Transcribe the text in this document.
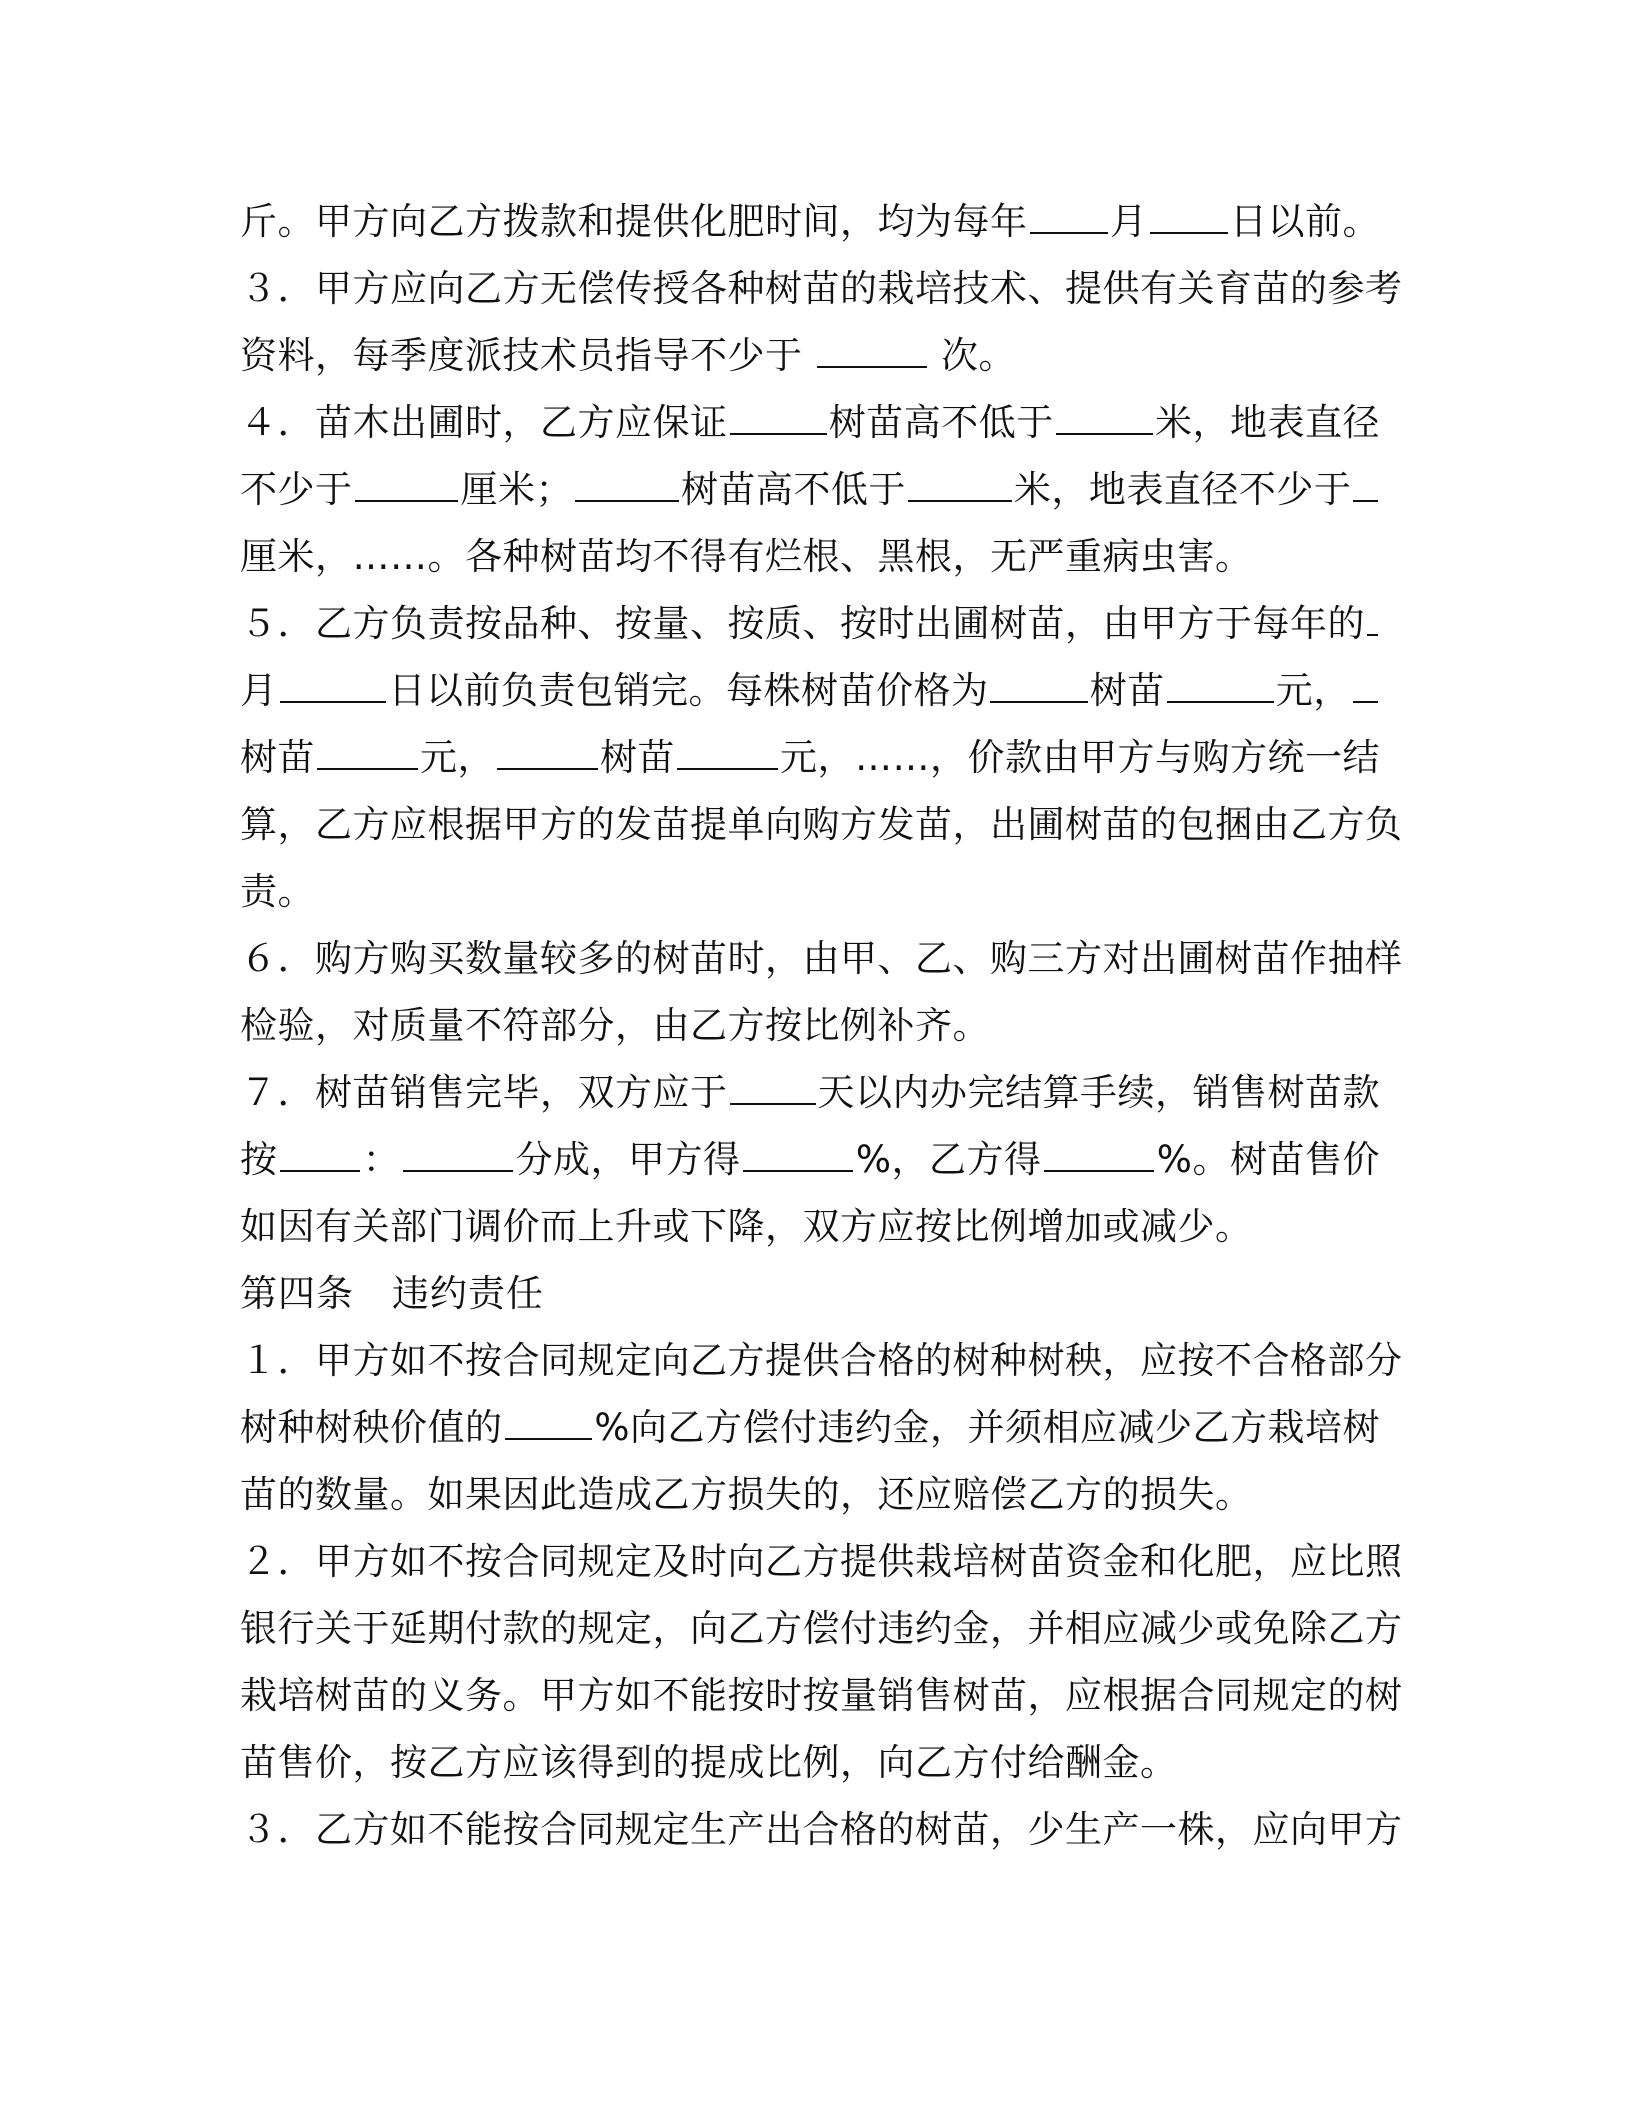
斤。甲方向乙方拨款和提供化肥时间，均为每年 月 日以前。
３．甲方应向乙方无偿传授各种树苗的栽培技术、提供有关育苗的参考
资料，每季度派技术员指导不少于	次。
４．苗木出圃时，乙方应保证	树苗高不低于	米，地表直径
不少于	厘米；	树苗高不低于	米，地表直径不少于
厘米，……。各种树苗均不得有烂根、黑根，无严重病虫害。
５．乙方负责按品种、按量、按质、按时出圃树苗，由甲方于每年的
月	日以前负责包销完。每株树苗价格为	树苗	元，
树苗	元，	树苗	元，……，价款由甲方与购方统一结
算，乙方应根据甲方的发苗提单向购方发苗，出圃树苗的包捆由乙方负
责。
６．购方购买数量较多的树苗时，由甲、乙、购三方对出圃树苗作抽样
检验，对质量不符部分，由乙方按比例补齐。
７．树苗销售完毕，双方应于 天以内办完结算手续，销售树苗款
按 ：	分成，甲方得	%，乙方得	%。树苗售价
如因有关部门调价而上升或下降，双方应按比例增加或减少。
第四条　违约责任
１．甲方如不按合同规定向乙方提供合格的树种树秧，应按不合格部分
树种树秧价值的 %向乙方偿付违约金，并须相应减少乙方栽培树
苗的数量。如果因此造成乙方损失的，还应赔偿乙方的损失。
２．甲方如不按合同规定及时向乙方提供栽培树苗资金和化肥，应比照
银行关于延期付款的规定，向乙方偿付违约金，并相应减少或免除乙方
栽培树苗的义务。甲方如不能按时按量销售树苗，应根据合同规定的树
苗售价，按乙方应该得到的提成比例，向乙方付给酬金。
３．乙方如不能按合同规定生产出合格的树苗，少生产一株，应向甲方
